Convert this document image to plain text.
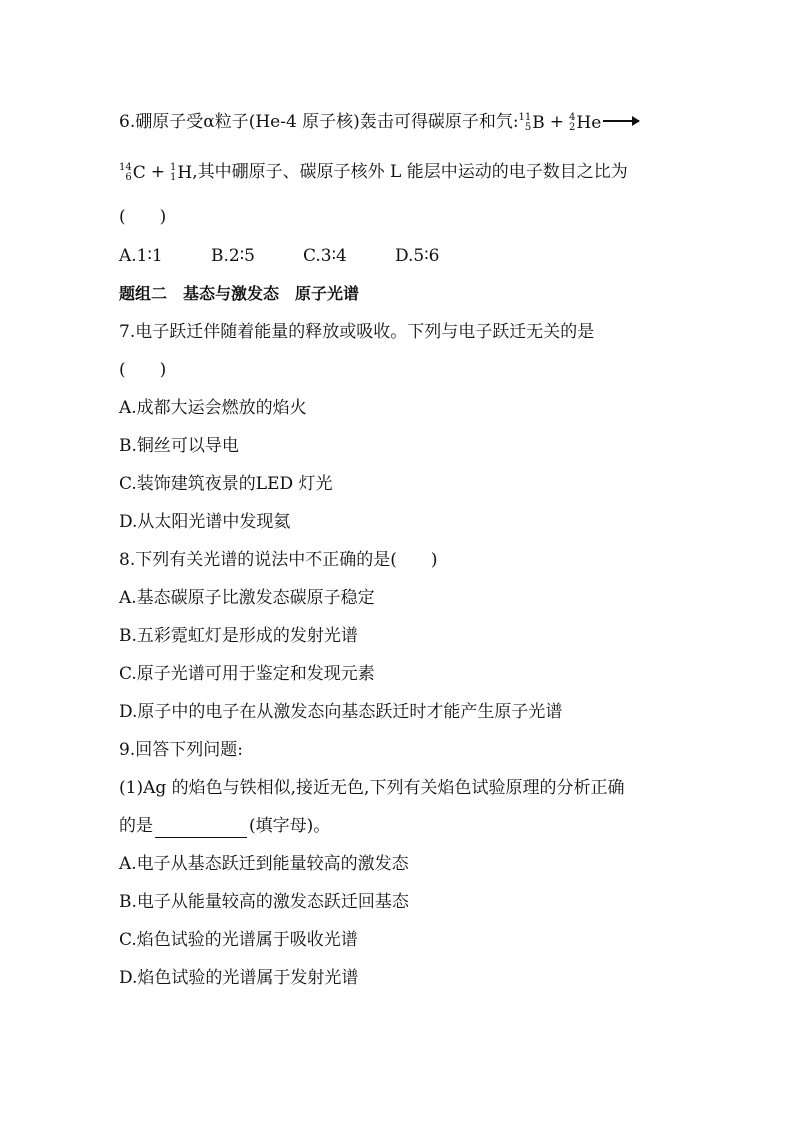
6.硼原子受α粒子(He-4 原子核)轰击可得碳原子和氕: 11
5 B + 4
2 He →
14
6 C + 1
1 H ,其中硼原子、碳原子核外 L 能层中运动的电子数目之比为
(　　)
A.1∶1	B.2∶5	C.3∶4	D.5∶6
题组二　基态与激发态　原子光谱
7.电子跃迁伴随着能量的释放或吸收。下列与电子跃迁无关的是
(　　)
A.成都大运会燃放的焰火
B.铜丝可以导电
C.装饰建筑夜景的LED 灯光
D.从太阳光谱中发现氦
8.下列有关光谱的说法中不正确的是(　　)
A.基态碳原子比激发态碳原子稳定
B.五彩霓虹灯是形成的发射光谱
C.原子光谱可用于鉴定和发现元素
D.原子中的电子在从激发态向基态跃迁时才能产生原子光谱
9.回答下列问题:
(1)Ag 的焰色与铁相似,接近无色,下列有关焰色试验原理的分析正确
的是	(填字母)。
A.电子从基态跃迁到能量较高的激发态
B.电子从能量较高的激发态跃迁回基态
C.焰色试验的光谱属于吸收光谱
D.焰色试验的光谱属于发射光谱
